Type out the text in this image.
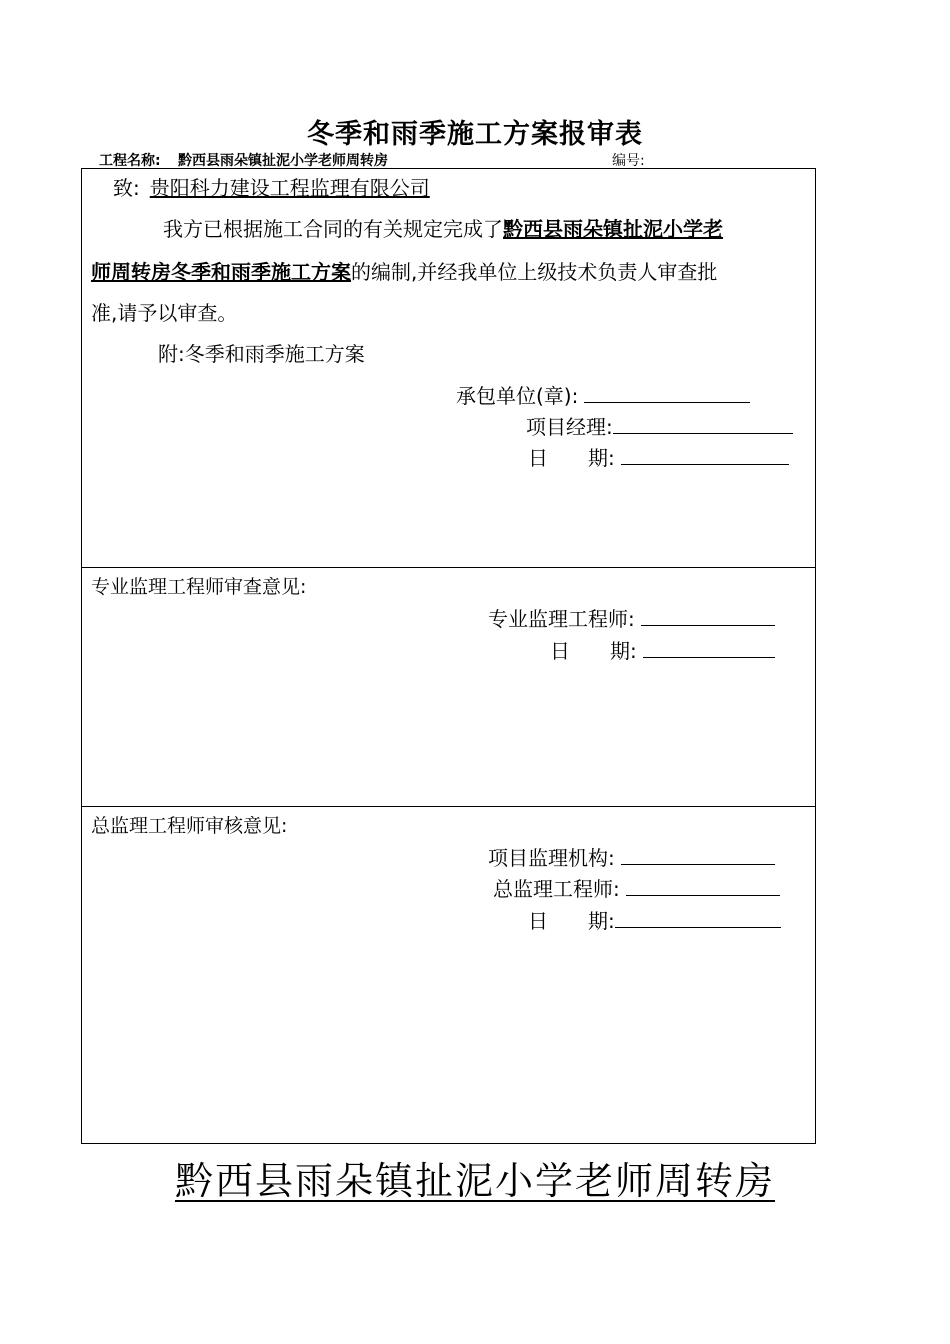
冬季和雨季施工方案报审表
工程名称: 黔西县雨朵镇扯泥小学老师周转房	编号:
致: 贵阳科力建设工程监理有限公司
我方已根据施工合同的有关规定完成了黔西县雨朵镇扯泥小学老
师周转房冬季和雨季施工方案的编制,并经我单位上级技术负责人审查批
准,请予以审查。
附:冬季和雨季施工方案
承包单位(章):
项目经理:
日　　期:
专业监理工程师审查意见:
专业监理工程师:
日　　期:
总监理工程师审核意见:
项目监理机构:
总监理工程师:
日　　期:
黔西县雨朵镇扯泥小学老师周转房
